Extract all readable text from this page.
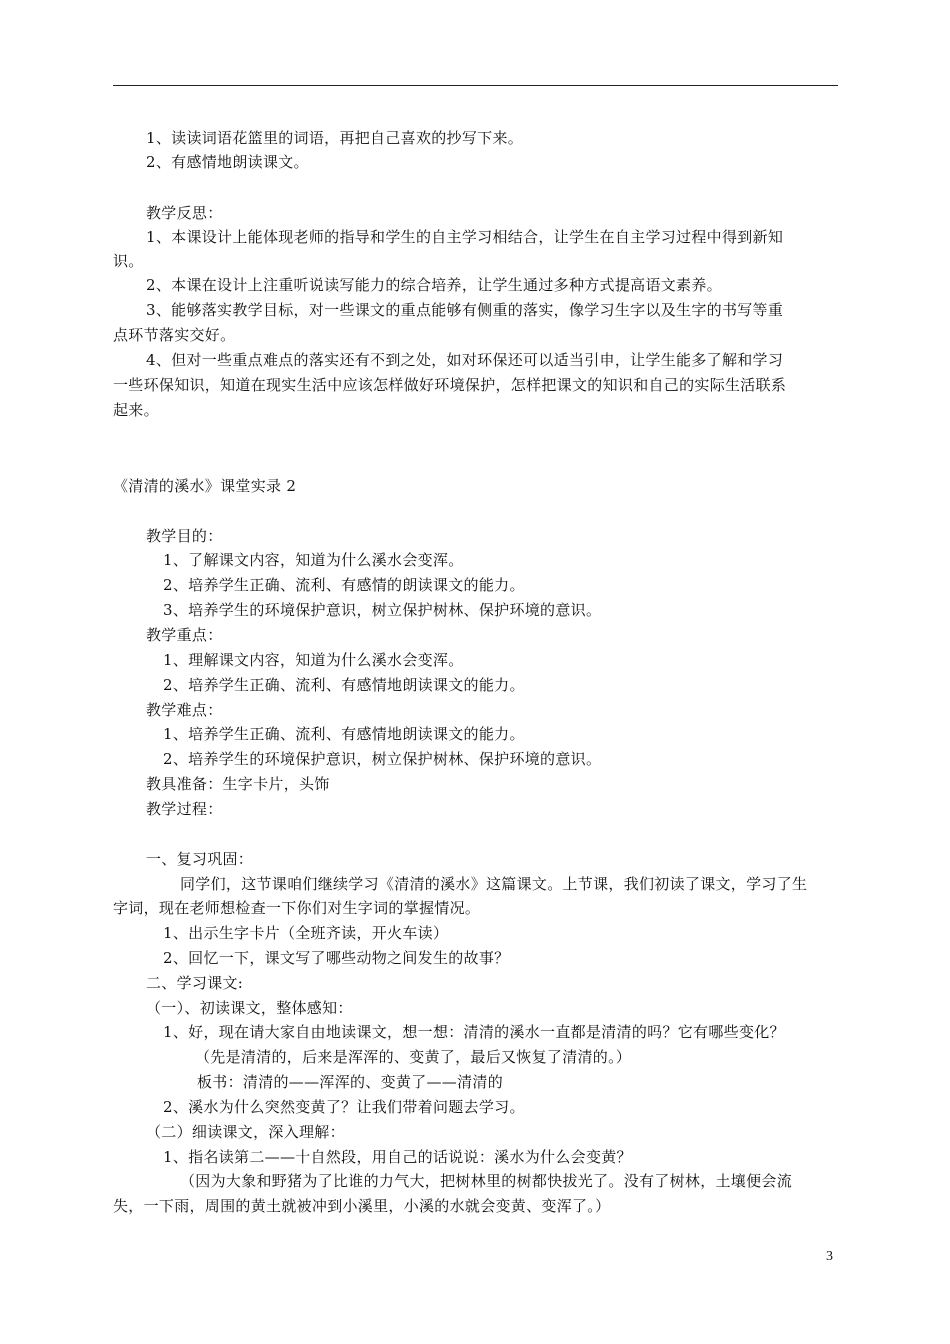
1、读读词语花篮里的词语，再把自己喜欢的抄写下来。
2、有感情地朗读课文。
教学反思：
1、本课设计上能体现老师的指导和学生的自主学习相结合，让学生在自主学习过程中得到新知
识。
2、本课在设计上注重听说读写能力的综合培养，让学生通过多种方式提高语文素养。
3、能够落实教学目标，对一些课文的重点能够有侧重的落实，像学习生字以及生字的书写等重
点环节落实交好。
4、但对一些重点难点的落实还有不到之处，如对环保还可以适当引申，让学生能多了解和学习
一些环保知识，知道在现实生活中应该怎样做好环境保护，怎样把课文的知识和自己的实际生活联系
起来。
《清清的溪水》课堂实录 2
教学目的：
1、了解课文内容，知道为什么溪水会变浑。
2、培养学生正确、流利、有感情的朗读课文的能力。
3、培养学生的环境保护意识，树立保护树林、保护环境的意识。
教学重点：
1、理解课文内容，知道为什么溪水会变浑。
2、培养学生正确、流利、有感情地朗读课文的能力。
教学难点：
1、培养学生正确、流利、有感情地朗读课文的能力。
2、培养学生的环境保护意识，树立保护树林、保护环境的意识。
教具准备：生字卡片，头饰
教学过程：
一、复习巩固：
同学们，这节课咱们继续学习《清清的溪水》这篇课文。上节课，我们初读了课文，学习了生
字词，现在老师想检查一下你们对生字词的掌握情况。
1、出示生字卡片（全班齐读，开火车读）
2、回忆一下，课文写了哪些动物之间发生的故事？
二、学习课文:
（一）、初读课文，整体感知：
1、好，现在请大家自由地读课文，想一想：清清的溪水一直都是清清的吗？它有哪些变化？
（先是清清的，后来是浑浑的、变黄了，最后又恢复了清清的。）
板书：清清的——浑浑的、变黄了——清清的
2、溪水为什么突然变黄了？让我们带着问题去学习。
（二）细读课文，深入理解：
1、指名读第二——十自然段，用自己的话说说：溪水为什么会变黄？
（因为大象和野猪为了比谁的力气大，把树林里的树都快拔光了。没有了树林，土壤便会流
失，一下雨，周围的黄土就被冲到小溪里，小溪的水就会变黄、变浑了。）
3
